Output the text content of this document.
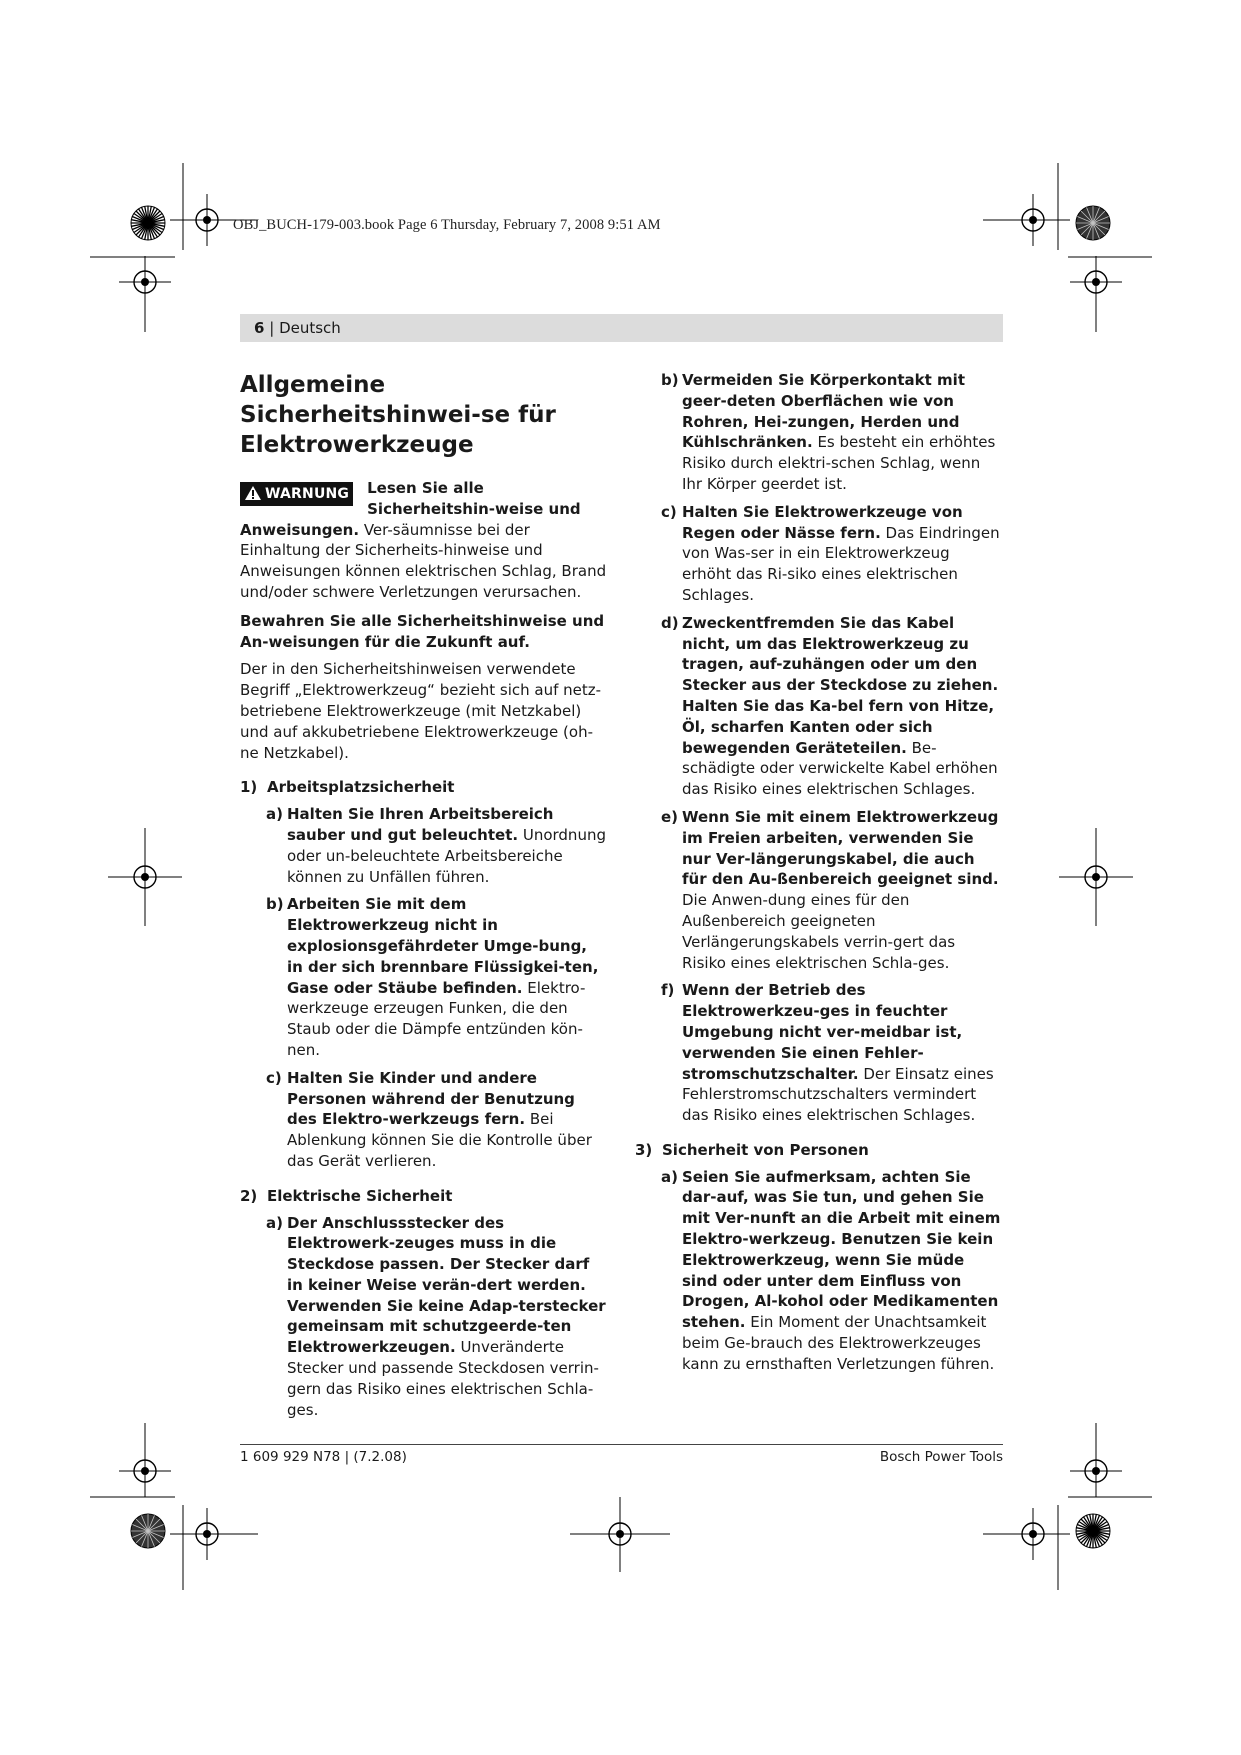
OBJ_BUCH-179-003.book Page 6 Thursday, February 7, 2008 9:51 AM
6 | Deutsch
Allgemeine Sicherheitshinwei-se für Elektrowerkzeuge
WARNUNG	Lesen Sie alle Sicherheitshin-weise und Anweisungen. Ver-säumnisse bei der Einhaltung der Sicherheits-hinweise und Anweisungen können elektrischen Schlag, Brand und/oder schwere Verletzungen verursachen.

Bewahren Sie alle Sicherheitshinweise und An-weisungen für die Zukunft auf.

Der in den Sicherheitshinweisen verwendete Begriff „Elektrowerkzeug“ bezieht sich auf netz-betriebene Elektrowerkzeuge (mit Netzkabel) und auf akkubetriebene Elektrowerkzeuge (oh-ne Netzkabel).

1) Arbeitsplatzsicherheit
a) Halten Sie Ihren Arbeitsbereich sauber und gut beleuchtet. Unordnung oder un-beleuchtete Arbeitsbereiche können zu Unfällen führen.
b) Arbeiten Sie mit dem Elektrowerkzeug nicht in explosionsgefährdeter Umge-bung, in der sich brennbare Flüssigkei-ten, Gase oder Stäube befinden. Elektro-werkzeuge erzeugen Funken, die den Staub oder die Dämpfe entzünden kön-nen.
c) Halten Sie Kinder und andere Personen während der Benutzung des Elektro-werkzeugs fern. Bei Ablenkung können Sie die Kontrolle über das Gerät verlieren.
2) Elektrische Sicherheit
a) Der Anschlussstecker des Elektrowerk-zeuges muss in die Steckdose passen. Der Stecker darf in keiner Weise verän-dert werden. Verwenden Sie keine Adap-terstecker gemeinsam mit schutzgeerde-ten Elektrowerkzeugen. Unveränderte Stecker und passende Steckdosen verrin-gern das Risiko eines elektrischen Schla-ges.
b) Vermeiden Sie Körperkontakt mit geer-deten Oberflächen wie von Rohren, Hei-zungen, Herden und Kühlschränken. Es besteht ein erhöhtes Risiko durch elektri-schen Schlag, wenn Ihr Körper geerdet ist.
c) Halten Sie Elektrowerkzeuge von Regen oder Nässe fern. Das Eindringen von Was-ser in ein Elektrowerkzeug erhöht das Ri-siko eines elektrischen Schlages.
d) Zweckentfremden Sie das Kabel nicht, um das Elektrowerkzeug zu tragen, auf-zuhängen oder um den Stecker aus der Steckdose zu ziehen. Halten Sie das Ka-bel fern von Hitze, Öl, scharfen Kanten oder sich bewegenden Geräteteilen. Be-schädigte oder verwickelte Kabel erhöhen das Risiko eines elektrischen Schlages.
e) Wenn Sie mit einem Elektrowerkzeug im Freien arbeiten, verwenden Sie nur Ver-längerungskabel, die auch für den Au-ßenbereich geeignet sind. Die Anwen-dung eines für den Außenbereich geeigneten Verlängerungskabels verrin-gert das Risiko eines elektrischen Schla-ges.
f) Wenn der Betrieb des Elektrowerkzeu-ges in feuchter Umgebung nicht ver-meidbar ist, verwenden Sie einen Fehler-stromschutzschalter. Der Einsatz eines Fehlerstromschutzschalters vermindert das Risiko eines elektrischen Schlages.
3) Sicherheit von Personen
a) Seien Sie aufmerksam, achten Sie dar-auf, was Sie tun, und gehen Sie mit Ver-nunft an die Arbeit mit einem Elektro-werkzeug. Benutzen Sie kein Elektrowerkzeug, wenn Sie müde sind oder unter dem Einfluss von Drogen, Al-kohol oder Medikamenten stehen. Ein Moment der Unachtsamkeit beim Ge-brauch des Elektrowerkzeuges kann zu ernsthaften Verletzungen führen.
1 609 929 N78 | (7.2.08)	Bosch Power Tools
